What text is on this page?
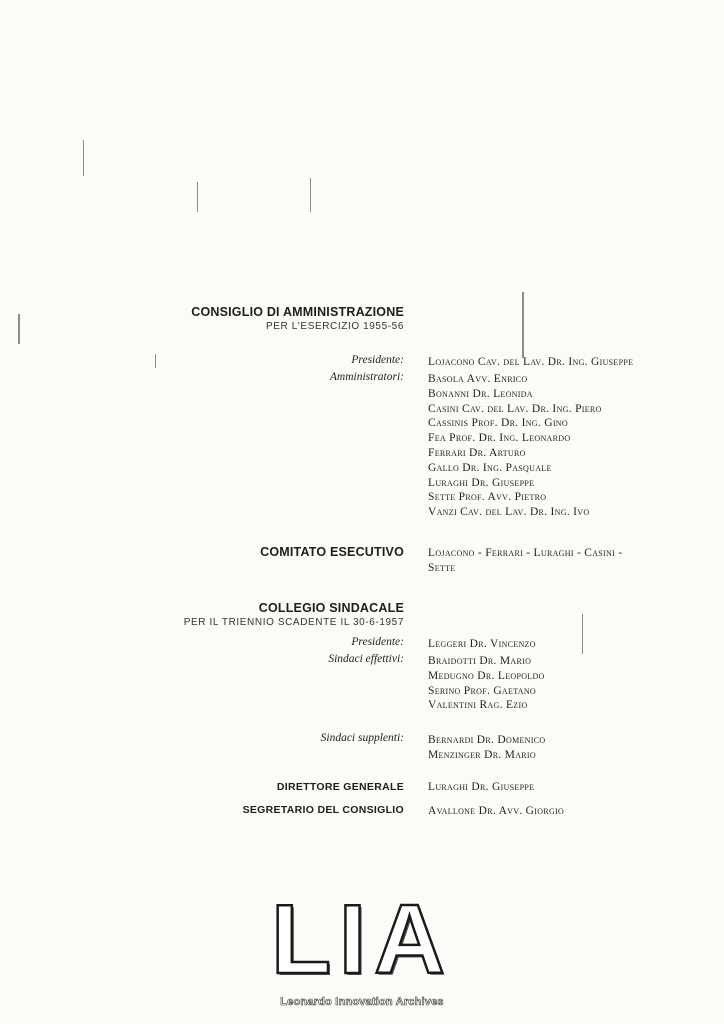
CONSIGLIO DI AMMINISTRAZIONE
PER L'ESERCIZIO 1955-56
Presidente: Lojacono Cav. del Lav. Dr. Ing. Giuseppe
Amministratori: Basola Avv. Enrico
Bonanni Dr. Leonida
Casini Cav. del Lav. Dr. Ing. Piero
Cassinis Prof. Dr. Ing. Gino
Fea Prof. Dr. Ing. Leonardo
Ferrari Dr. Arturo
Gallo Dr. Ing. Pasquale
Luraghi Dr. Giuseppe
Sette Prof. Avv. Pietro
Vanzi Cav. del Lav. Dr. Ing. Ivo
COMITATO ESECUTIVO Lojacono - Ferrari - Luraghi - Casini -
Sette
COLLEGIO SINDACALE
PER IL TRIENNIO SCADENTE IL 30-6-1957
Presidente: Leggeri Dr. Vincenzo
Sindaci effettivi: Braidotti Dr. Mario
Medugno Dr. Leopoldo
Serino Prof. Gaetano
Valentini Rag. Ezio
Sindaci supplenti: Bernardi Dr. Domenico
Menzinger Dr. Mario
DIRETTORE GENERALE Luraghi Dr. Giuseppe
SEGRETARIO DEL CONSIGLIO Avallone Dr. Avv. Giorgio
LIA
Leonardo Innovation Archives
